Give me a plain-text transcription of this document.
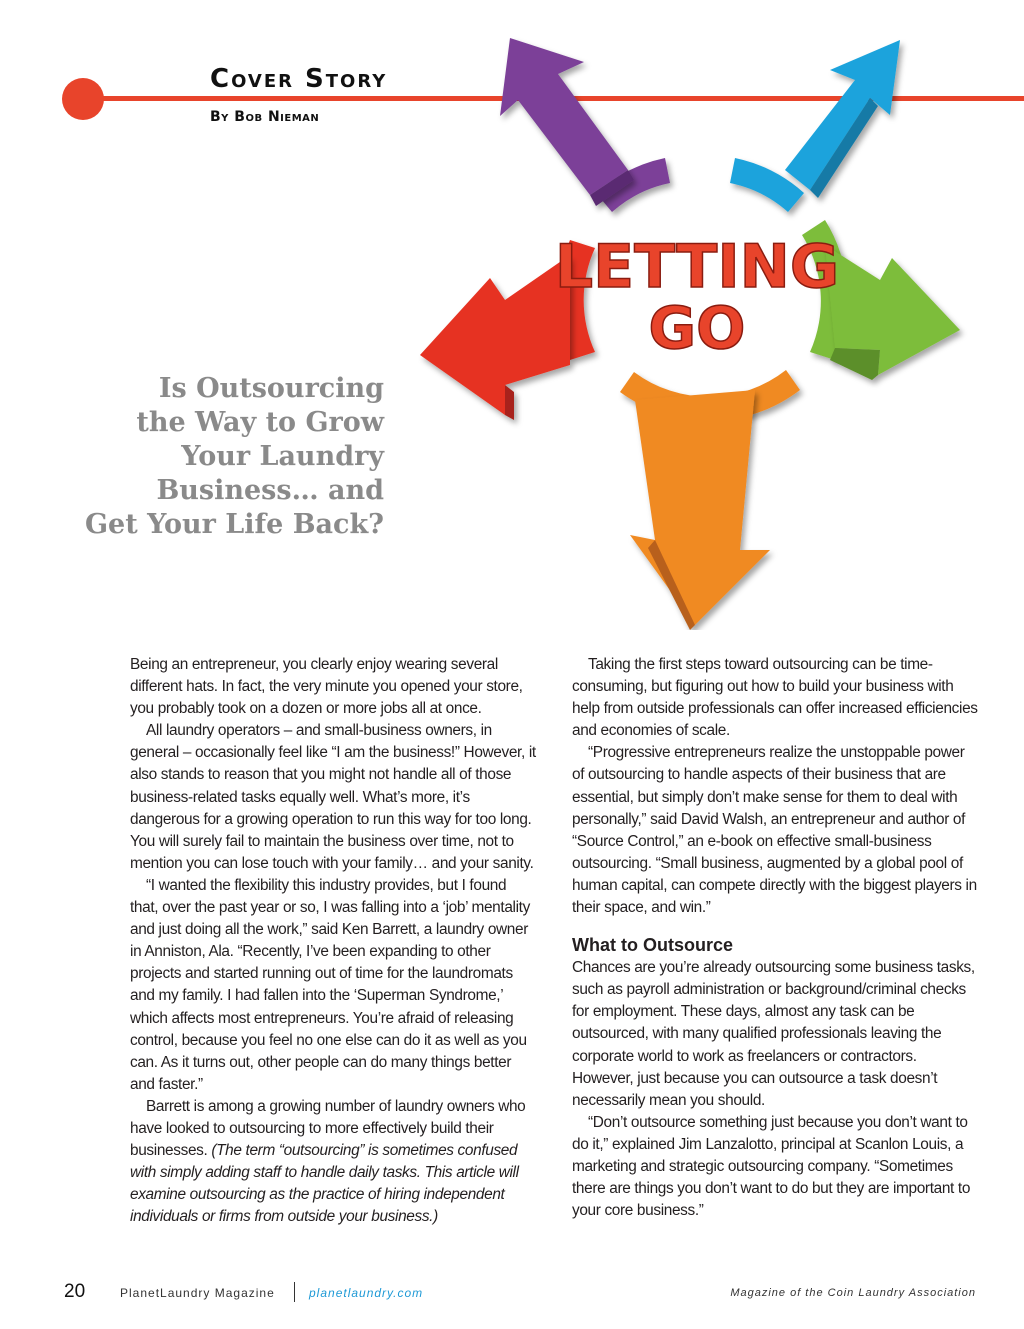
Cover Story
By Bob Nieman
LETTING
GO
Is Outsourcing
the Way to Grow
Your Laundry
Business… and
Get Your Life Back?

Being an entrepreneur, you clearly enjoy wearing several different hats. In fact, the very minute you opened your store, you probably took on a dozen or more jobs all at once.

All laundry operators – and small-business owners, in general – occasionally feel like “I am the business!” However, it also stands to reason that you might not handle all of those business-related tasks equally well. What’s more, it’s dangerous for a growing operation to run this way for too long. You will surely fail to maintain the business over time, not to mention you can lose touch with your family… and your sanity.

“I wanted the flexibility this industry provides, but I found that, over the past year or so, I was falling into a ‘job’ mentality and just doing all the work,” said Ken Barrett, a laundry owner in Anniston, Ala. “Recently, I’ve been expanding to other projects and started running out of time for the laundromats and my family. I had fallen into the ‘Superman Syndrome,’ which affects most entrepreneurs. You’re afraid of releasing control, because you feel no one else can do it as well as you can. As it turns out, other people can do many things better and faster.”

Barrett is among a growing number of laundry owners who have looked to outsourcing to more effectively build their businesses. (The term “outsourcing” is sometimes confused with simply adding staff to handle daily tasks. This article will examine outsourcing as the practice of hiring independent individuals or firms from outside your business.)

Taking the first steps toward outsourcing can be time-consuming, but figuring out how to build your business with help from outside professionals can offer increased efficiencies and economies of scale.

“Progressive entrepreneurs realize the unstoppable power of outsourcing to handle aspects of their business that are essential, but simply don’t make sense for them to deal with personally,” said David Walsh, an entrepreneur and author of “Source Control,” an e-book on effective small-business outsourcing. “Small business, augmented by a global pool of human capital, can compete directly with the biggest players in their space, and win.”

What to Outsource

Chances are you’re already outsourcing some business tasks, such as payroll administration or background/criminal checks for employment. These days, almost any task can be outsourced, with many qualified professionals leaving the corporate world to work as freelancers or contractors. However, just because you can outsource a task doesn’t necessarily mean you should.

“Don’t outsource something just because you don’t want to do it,” explained Jim Lanzalotto, principal at Scanlon Louis, a marketing and strategic outsourcing company. “Sometimes there are things you don’t want to do but they are important to your core business.”

20	PlanetLaundry Magazine	planetlaundry.com	Magazine of the Coin Laundry Association
